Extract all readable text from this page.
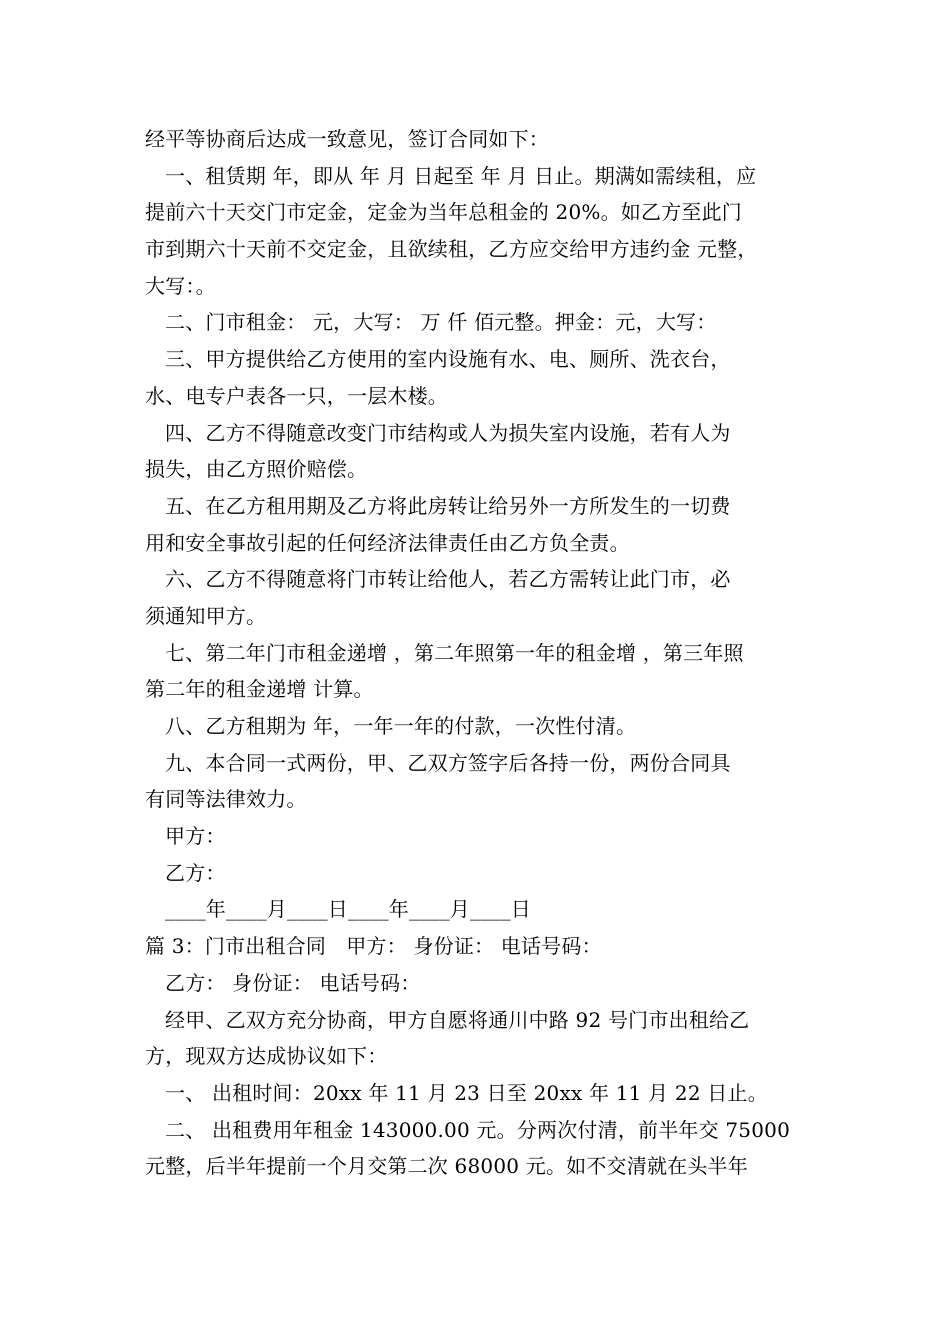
经平等协商后达成一致意见，签订合同如下：
一、租赁期 年，即从 年 月 日起至 年 月 日止。期满如需续租，应
提前六十天交门市定金，定金为当年总租金的 20%。如乙方至此门
市到期六十天前不交定金，且欲续租，乙方应交给甲方违约金 元整，
大写：。
二、门市租金： 元，大写： 万 仟 佰元整。押金：元，大写：
三、甲方提供给乙方使用的室内设施有水、电、厕所、洗衣台，
水、电专户表各一只，一层木楼。
四、乙方不得随意改变门市结构或人为损失室内设施，若有人为
损失，由乙方照价赔偿。
五、在乙方租用期及乙方将此房转让给另外一方所发生的一切费
用和安全事故引起的任何经济法律责任由乙方负全责。
六、乙方不得随意将门市转让给他人，若乙方需转让此门市，必
须通知甲方。
七、第二年门市租金递增 ，第二年照第一年的租金增 ，第三年照
第二年的租金递增 计算。
八、乙方租期为 年，一年一年的付款，一次性付清。
九、本合同一式两份，甲、乙双方签字后各持一份，两份合同具
有同等法律效力。
甲方：
乙方：
____年____月____日____年____月____日
篇 3：门市出租合同　甲方： 身份证： 电话号码：
乙方： 身份证： 电话号码：
经甲、乙双方充分协商，甲方自愿将通川中路 92 号门市出租给乙
方，现双方达成协议如下：
一、 出租时间：20xx 年 11 月 23 日至 20xx 年 11 月 22 日止。
二、 出租费用年租金 143000.00 元。分两次付清，前半年交 75000
元整，后半年提前一个月交第二次 68000 元。如不交清就在头半年
